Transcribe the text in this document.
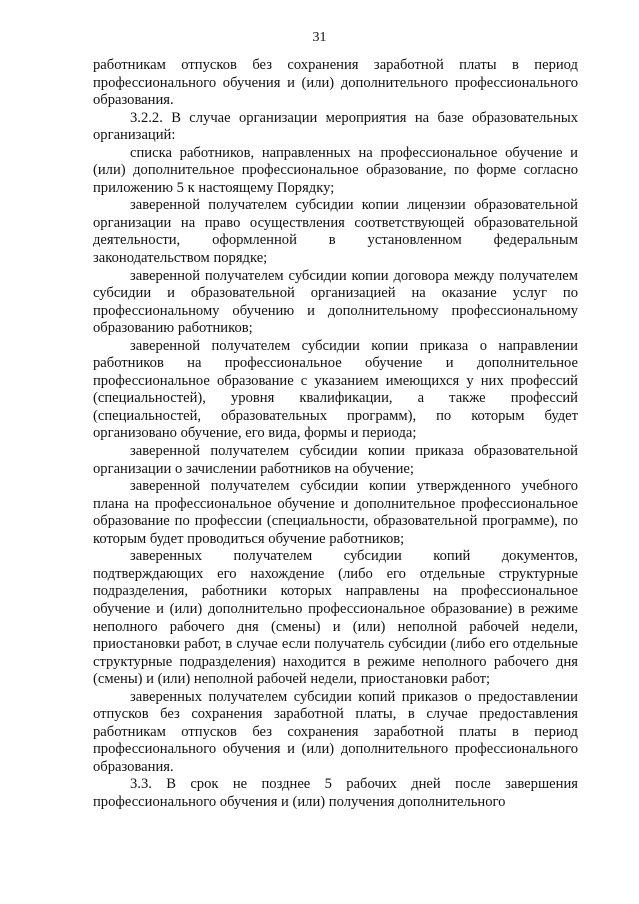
31

работникам отпусков без сохранения заработной платы в период профессионального обучения и (или) дополнительного профессионального образования.

3.2.2. В случае организации мероприятия на базе образовательных организаций:

списка работников, направленных на профессиональное обучение и (или) дополнительное профессиональное образование, по форме согласно приложению 5 к настоящему Порядку;

заверенной получателем субсидии копии лицензии образовательной организации на право осуществления соответствующей образовательной деятельности, оформленной в установленном федеральным законодательством порядке;

заверенной получателем субсидии копии договора между получателем субсидии и образовательной организацией на оказание услуг по профессиональному обучению и дополнительному профессиональному образованию работников;

заверенной получателем субсидии копии приказа о направлении работников на профессиональное обучение и дополнительное профессиональное образование с указанием имеющихся у них профессий (специальностей), уровня квалификации, а также профессий (специальностей, образовательных программ), по которым будет организовано обучение, его вида, формы и периода;

заверенной получателем субсидии копии приказа образовательной организации о зачислении работников на обучение;

заверенной получателем субсидии копии утвержденного учебного плана на профессиональное обучение и дополнительное профессиональное образование по профессии (специальности, образовательной программе), по которым будет проводиться обучение работников;

заверенных получателем субсидии копий документов, подтверждающих его нахождение (либо его отдельные структурные подразделения, работники которых направлены на профессиональное обучение и (или) дополнительно профессиональное образование) в режиме неполного рабочего дня (смены) и (или) неполной рабочей недели, приостановки работ, в случае если получатель субсидии (либо его отдельные структурные подразделения) находится в режиме неполного рабочего дня (смены) и (или) неполной рабочей недели, приостановки работ;

заверенных получателем субсидии копий приказов о предоставлении отпусков без сохранения заработной платы, в случае предоставления работникам отпусков без сохранения заработной платы в период профессионального обучения и (или) дополнительного профессионального образования.

3.3. В срок не позднее 5 рабочих дней после завершения профессионального обучения и (или) получения дополнительного
